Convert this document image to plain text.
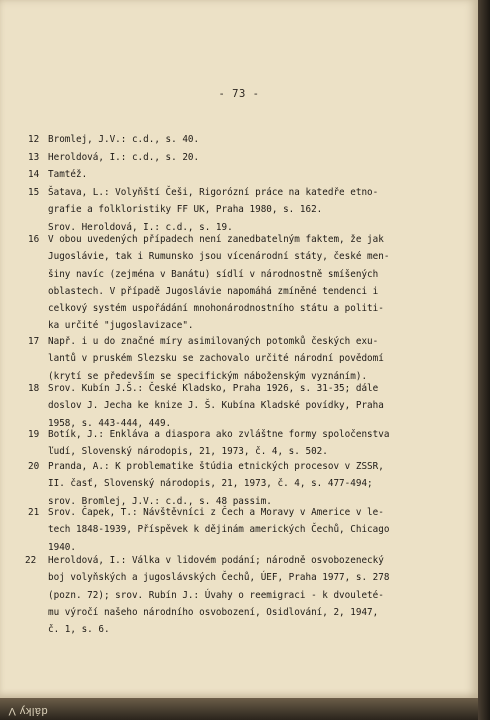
- 73 -
12 Bromlej, J.V.: c.d., s. 40.
13 Heroldová, I.: c.d., s. 20.
14 Tamtéž.
15 Šatava, L.: Volyňští Češi, Rigorózní práce na katedře etno-
grafie a folkloristiky FF UK, Praha 1980, s. 162.
Srov. Heroldová, I.: c.d., s. 19.
16 V obou uvedených případech není zanedbatelným faktem, že jak
Jugoslávie, tak i Rumunsko jsou vícenárodní státy, české men-
šiny navíc (zejména v Banátu) sídlí v národnostně smíšených
oblastech. V případě Jugoslávie napomáhá zmíněné tendenci i
celkový systém uspořádání mnohonárodnostního státu a politi-
ka určité "jugoslavizace".
17 Např. i u do značné míry asimilovaných potomků českých exu-
lantů v pruském Slezsku se zachovalo určité národní povědomí
(krytí se především se specifickým náboženským vyznáním).
18 Srov. Kubín J.Š.: České Kladsko, Praha 1926, s. 31-35; dále
doslov J. Jecha ke knize J. Š. Kubína Kladské povídky, Praha
1958, s. 443-444, 449.
19 Botík, J.: Enkláva a diaspora ako zvláštne formy spoločenstva
ľudí, Slovenský národopis, 21, 1973, č. 4, s. 502.
20 Pranda, A.: K problematike štúdia etnických procesov v ZSSR,
II. časť, Slovenský národopis, 21, 1973, č. 4, s. 477-494;
srov. Bromlej, J.V.: c.d., s. 48 passim.
21 Srov. Čapek, T.: Návštěvníci z Čech a Moravy v Americe v le-
tech 1848-1939, Příspěvek k dějinám amerických Čechů, Chicago
1940.
22 Heroldová, I.: Válka v lidovém podání; národně osvobozenecký
boj volyňských a jugoslávských Čechů, ÚEF, Praha 1977, s. 278
(pozn. 72); srov. Rubín J.: Úvahy o reemigraci - k dvouleté-
mu výročí našeho národního osvobození, Osidlování, 2, 1947,
č. 1, s. 6.
dálky V
